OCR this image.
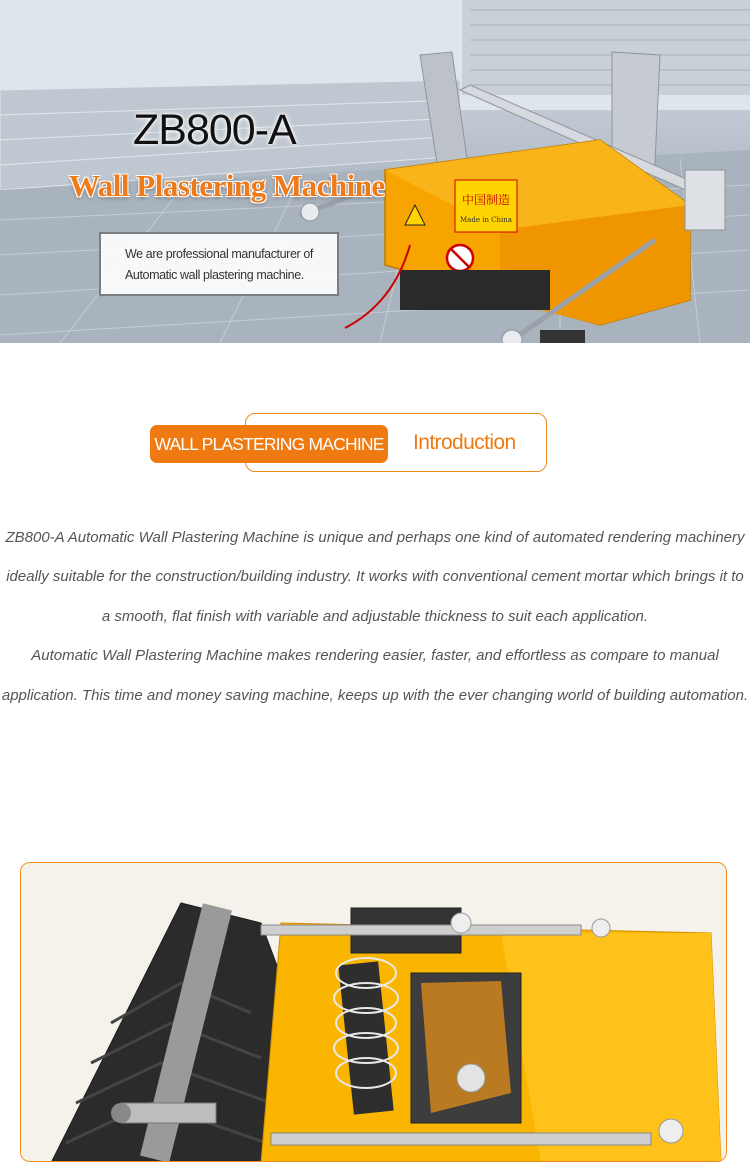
中国制造
Made in China
ZB800-A
Wall Plastering Machine

We are professional manufacturer of

Automatic wall plastering machine.

WALL PLASTERING MACHINE Introduction

ZB800-A Automatic Wall Plastering Machine is unique and perhaps one kind of automated rendering machinery ideally suitable for the construction/building industry. It works with conventional cement mortar which brings it to a smooth, flat finish with variable and adjustable thickness to suit each application.

Automatic Wall Plastering Machine makes rendering easier, faster, and effortless as compare to manual application. This time and money saving machine, keeps up with the ever changing world of building automation.
